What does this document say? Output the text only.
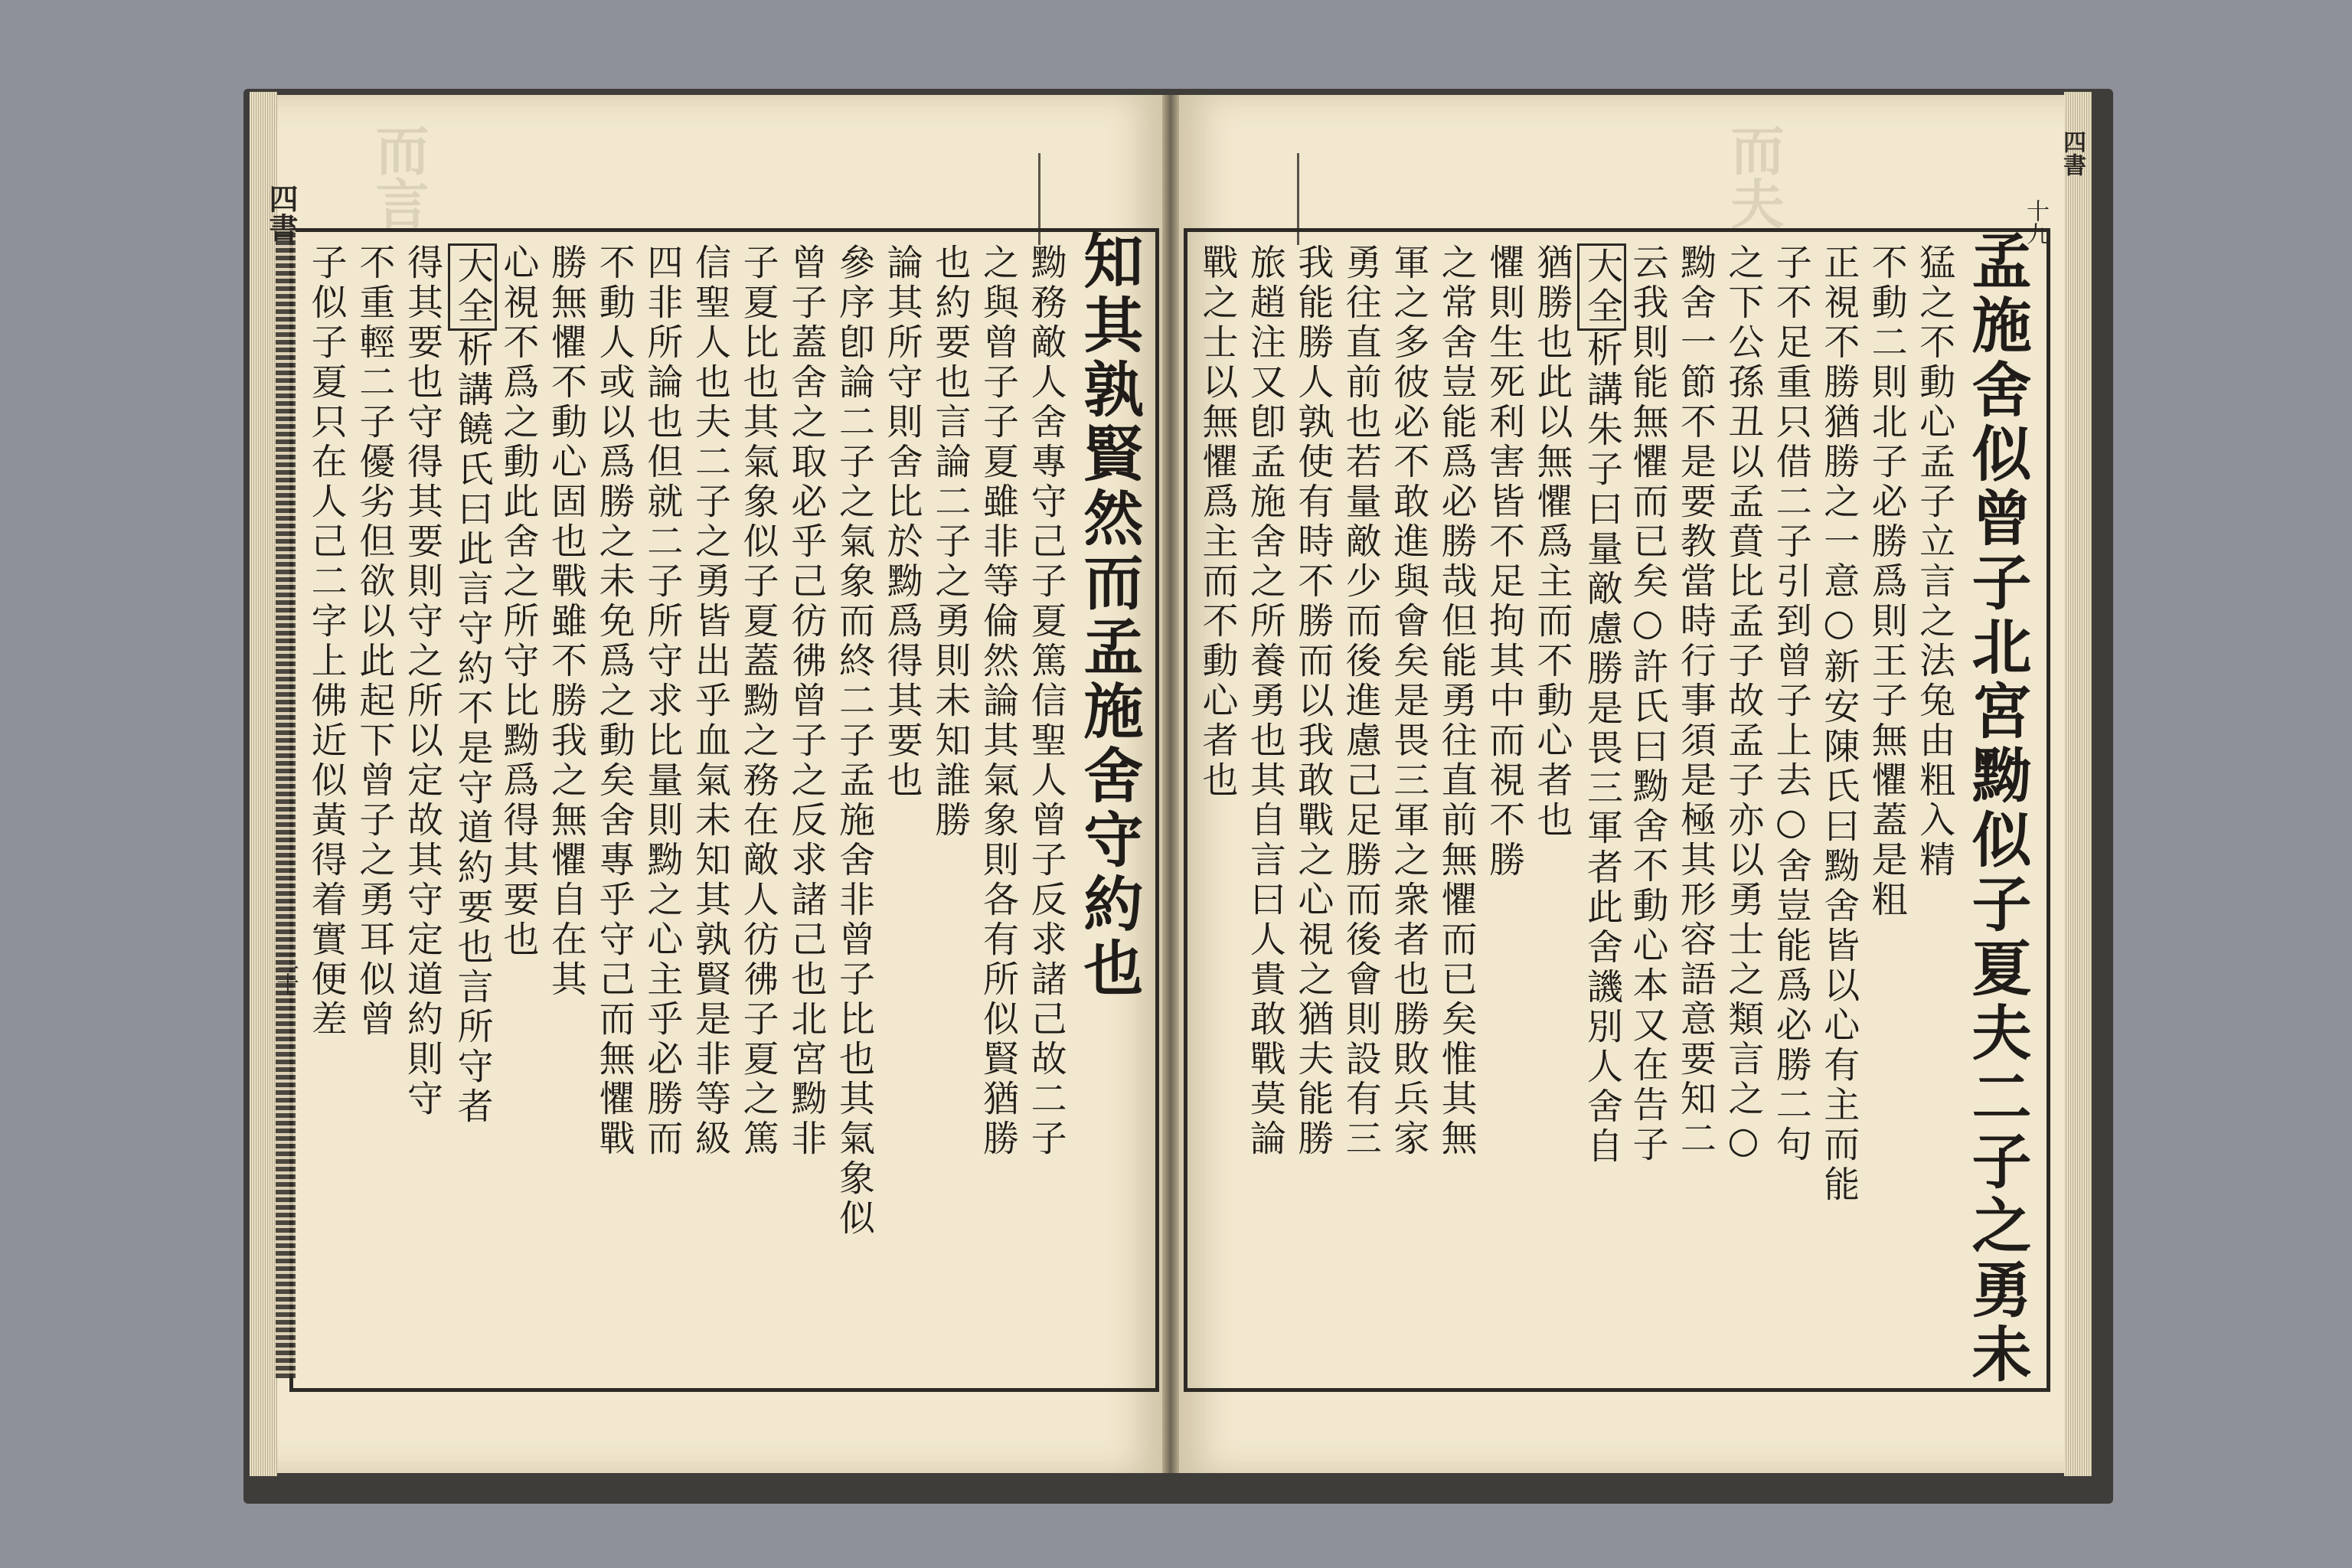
而言	而夫
四書
二十
四書
十九
知其孰賢然而孟施舍守約也
黝務敵人舍專守己子夏篤信聖人曾子反求諸己故二子
之與曾子子夏雖非等倫然論其氣象則各有所似賢猶勝
也約要也言論二子之勇則未知誰勝
論其所守則舍比於黝爲得其要也
參序卽論二子之氣象而終二子孟施舍非曾子比也其氣象似
曾子蓋舍之取必乎己彷彿曾子之反求諸己也北宮黝非
子夏比也其氣象似子夏蓋黝之務在敵人彷彿子夏之篤
信聖人也夫二子之勇皆出乎血氣未知其孰賢是非等級
四非所論也但就二子所守求比量則黝之心主乎必勝而
不動人或以爲勝之未免爲之動矣舍專乎守己而無懼戰
勝無懼不動心固也戰雖不勝我之無懼自在其
心視不爲之動此舍之所守比黝爲得其要也
大全析講饒氏曰此言守約不是守道約要也言所守者
得其要也守得其要則守之所以定故其守定道約則守
不重輕二子優劣但欲以此起下曾子之勇耳似曾
子似子夏只在人己二字上佛近似黃得着實便差	孟施舍似曾子北宮黝似子夏夫二子之勇未
猛之不動心孟子立言之法兔由粗入精
不動二則北子必勝爲則王子無懼蓋是粗
正視不勝猶勝之一意○新安陳氏曰黝舍皆以心有主而能
子不足重只借二子引到曾子上去○舍豈能爲必勝二句
之下公孫丑以孟賁比孟子故孟子亦以勇士之類言之○
黝舍一節不是要教當時行事須是極其形容語意要知二
云我則能無懼而已矣○許氏曰黝舍不動心本又在告子
大全析講朱子曰量敵慮勝是畏三軍者此舍譏別人舍自
猶勝也此以無懼爲主而不動心者也
懼則生死利害皆不足拘其中而視不勝
之常舍豈能爲必勝哉但能勇往直前無懼而已矣惟其無
軍之多彼必不敢進與會矣是畏三軍之衆者也勝敗兵家
勇往直前也若量敵少而後進慮己足勝而後會則設有三
我能勝人孰使有時不勝而以我敢戰之心視之猶夫能勝
旅趙注又卽孟施舍之所養勇也其自言曰人貴敢戰莫論
戰之士以無懼爲主而不動心者也
